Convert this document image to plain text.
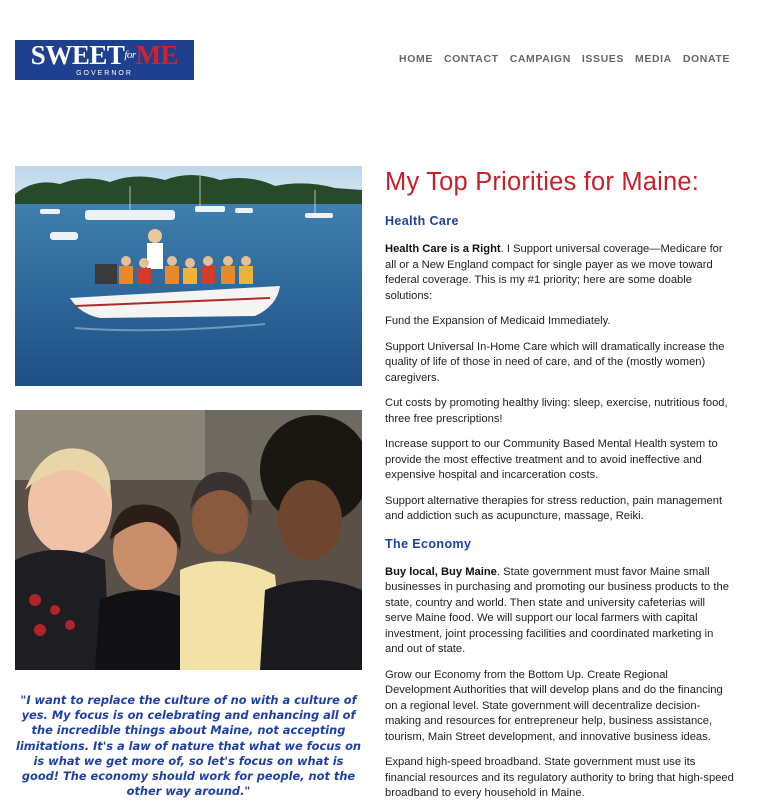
$SWEET^{for}ME$
GOVERNOR
HOME CONTACT CAMPAIGN ISSUES MEDIA DONATE
"I want to replace the culture of no with a culture of yes. My focus is on celebrating and enhancing all of the incredible things about Maine, not accepting limitations. It's a law of nature that what we focus on is what we get more of, so let's focus on what is good! The economy should work for people, not the other way around."
My Top Priorities for Maine:
Health Care

Health Care is a Right. I Support universal coverage—Medicare for all or a New England compact for single payer as we move toward federal coverage. This is my #1 priority; here are some doable solutions:

Fund the Expansion of Medicaid Immediately.

Support Universal In-Home Care which will dramatically increase the quality of life of those in need of care, and of the (mostly women) caregivers.

Cut costs by promoting healthy living: sleep, exercise, nutritious food, three free prescriptions!

Increase support to our Community Based Mental Health system to provide the most effective treatment and to avoid ineffective and expensive hospital and incarceration costs.

Support alternative therapies for stress reduction, pain management and addiction such as acupuncture, massage, Reiki.

The Economy

Buy local, Buy Maine. State government must favor Maine small businesses in purchasing and promoting our business products to the state, country and world. Then state and university cafeterias will serve Maine food. We will support our local farmers with capital investment, joint processing facilities and coordinated marketing in and out of state.

Grow our Economy from the Bottom Up. Create Regional Development Authorities that will develop plans and do the financing on a regional level. State government will decentralize decision-making and resources for entrepreneur help, business assistance, tourism, Main Street development, and innovative business ideas.

Expand high-speed broadband. State government must use its financial resources and its regulatory authority to bring that high-speed broadband to every household in Maine.
